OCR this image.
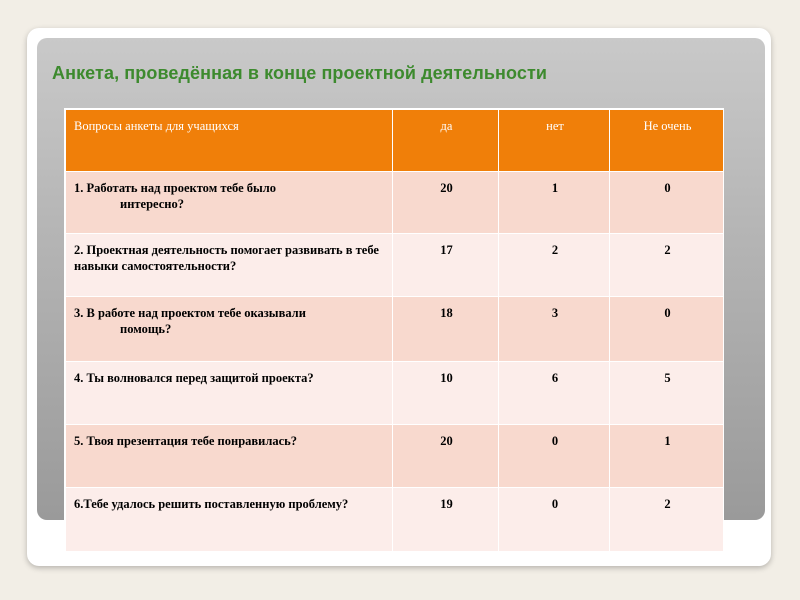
Анкета, проведённая в конце проектной деятельности
Вопросы анкеты для учащихся	да	нет	Не очень
1. Работать над проектом тебе было
интересно?	20	1	0
2. Проектная деятельность помогает развивать в тебе навыки самостоятельности?	17	2	2
3. В работе над проектом тебе оказывали
помощь?	18	3	0
4. Ты волновался перед защитой проекта?	10	6	5
5. Твоя презентация тебе понравилась?	20	0	1
6.Тебе удалось решить поставленную проблему?	19	0	2
